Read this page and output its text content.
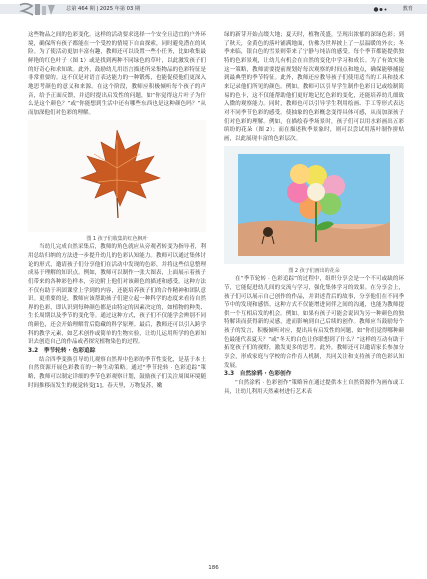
总第 464 期 | 2025 年第 03 期	教育

这些物品之间的色彩变化。这样的活动要求选择一个安全且适宜的户外环境，确保所有孩子都能在一个受控的情境下自由探索，同时避免潜在的风险。为了使活动更加丰富有趣，教师还可以设置一些小任务，比如收集最鲜艳的红色叶子（图 1）或是找到两种不同绿色的草叶，以此激发孩子们的好奇心和求知欲。此外，鼓励幼儿用语言描述所采集物品的色彩特征是非常重要的。这不仅是对语言表达能力的一种锻炼，也能促使他们更深入地思考颜色的意义和来源。在这个阶段，教师应积极倾听每个孩子的声音，给予正面反馈，并适时提出启发性的问题，如“你觉得这片叶子为什么是这个颜色？”或“你能想到生活中还有哪些东西也是这种颜色吗？”从而加深他们对色彩的理解。

图 1 孩子们收集的红色枫叶

当幼儿完成自然采集后，教师的角色就应从旁观者转变为指导者，利用总结归纳的方法进一步提升幼儿的色彩认知能力。教师可以通过集体讨论的形式，邀请孩子们分享他们在活动中发现的色彩，并将这些信息整理成易于理解的知识点。例如，教师可以制作一张大图表，上面展示着孩子们带来的各种彩色样本，旁边附上他们对该颜色的描述和感受。这种方法不仅有助于巩固课堂上学到的内容，还能培养孩子们的合作精神和团队意识。更重要的是，教师应该帮助孩子们建立起一种科学的态度来看待自然界的色彩，即认识到每种颜色都是由特定的因素决定的，如植物的种类、生长周期以及季节的变化等。通过这种方式，孩子们不仅能学会辨别不同的颜色，还会开始理解背后隐藏的科学原理。最后，教师还可以引入跨学科的教学元素，如艺术创作或简单的生物实验，让幼儿运用所学的色彩知识去创造自己的作品或者探究植物染色的过程。

3.2　季节轮转 · 色彩追踪

结合四季变换引导幼儿观察自然界中色彩的季节性变化，是基于本土自然资源开展色彩教育的一种生动策略。通过“季节轮转 · 色彩追踪”策略，教师可以制定详细的季节色彩观察计划，鼓励孩子们关注周围环境随时间推移而发生的视觉转变[1]。春天里，万物复苏，嫩

绿的新芽开始点缀大地；夏天时，植物茂盛，呈现出浓郁的深绿色彩；到了秋天，金黄色的落叶铺满地面，仿佛为世界披上了一层温暖的外衣；冬季来临，银白色的雪景则带来了宁静与纯洁的感受。每个季节都能提供独特的色彩景观，让幼儿有机会在自然的变化中学习和成长。为了有效实施这一策略，教师需要提前规划好每次观察的时间点和地点，确保能够捕捉到最典型的季节特征。此外，教师还应教导孩子们使用适当的工具和技术来记录他们所见的颜色。例如，教师可以引导学生制作色彩日记或绘制简易的色卡，这不仅能帮助他们更好地记忆色彩的变化，还能培养幼儿细致入微的观察能力。同时，教师也可以引导学生利用绘画、手工等形式表达对不同季节色彩的感受。使抽象的色彩概念变得具体可感，从而加深孩子们对色彩的理解。例如，在描绘春季场景时，孩子们可以用水彩画出五彩缤纷的花朵（图 2）；而在描述秋季景象时，则可以尝试用落叶制作拼贴画，以此展现丰富的色彩层次。

图 2 孩子们画出的花朵

在“季节轮转 · 色彩追踪”的过程中，组织分享会是一个不可或缺的环节，它能促进幼儿间的交流与学习，强化集体学习的效果。在分享会上，孩子们可以展示自己创作的作品，并讲述背后的故事，分享他们在不同季节中的发现和感悟。这种方式不仅能增进同伴之间的沟通，也能为教师提供一个互相启发的机会。例如，如果有孩子可能会说因为另一种颜色的独特解读而获得新的灵感，进而影响到自己后续的创作。教师应当鼓励每个孩子的发言，积极倾听对应，提出具有启发性的问题，如“你们觉得哪种颜色最能代表夏天？”或“冬天的白色让你联想到了什么？”这样的互动有助于拓宽孩子们的视野，激发更多的思考。此外，教师还可以邀请家长参加分享会，形成家庭与学校的合作育人机制，共同关注和支持孩子的色彩认知发展。

3.3　自然涂鸦 · 色彩创作

“自然涂鸦 · 色彩创作”策略旨在通过提供本土自然资源作为画布或工具，让幼儿利用天然素材进行艺术表

186
